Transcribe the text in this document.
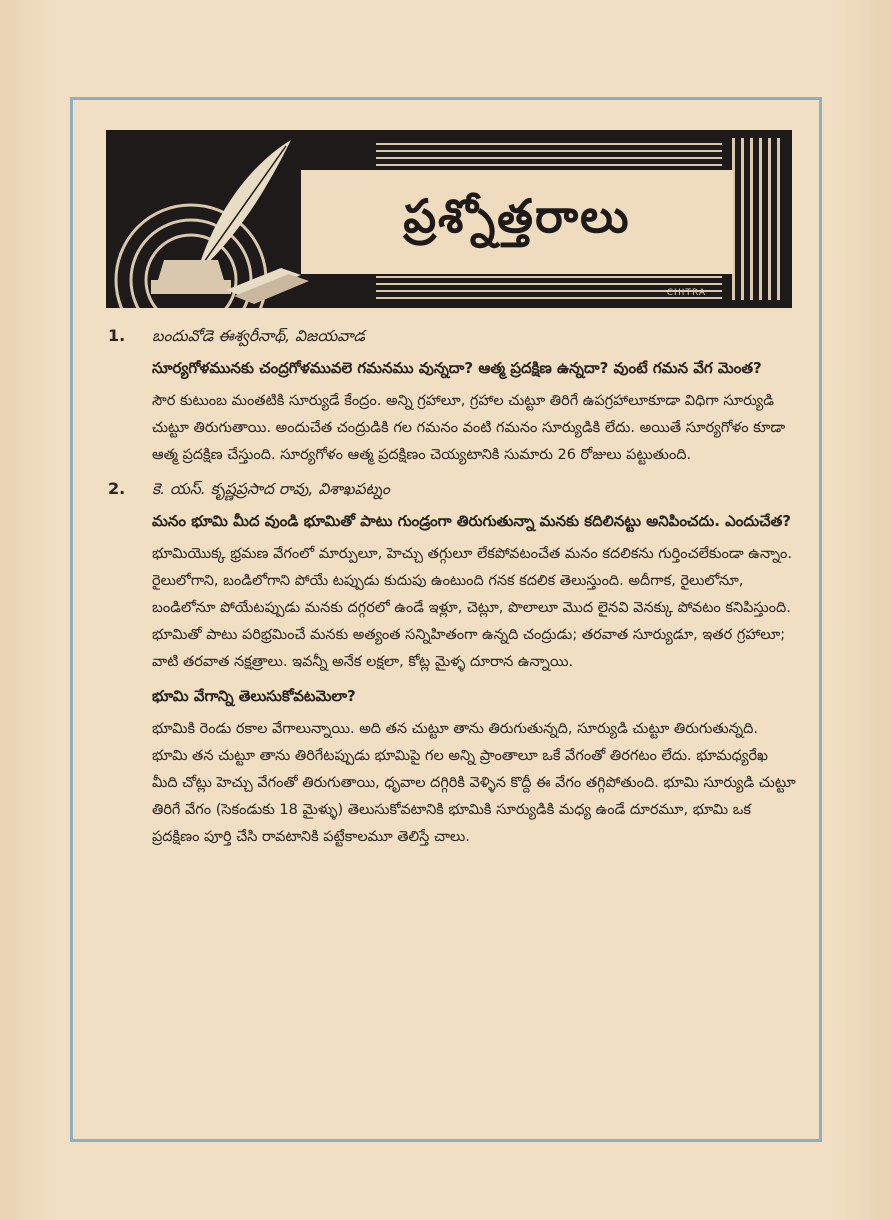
ప్రశ్నోత్తరాలు
CHITRA
1. బందువోడె ఈశ్వరీనాథ్, విజయవాడ

సూర్యగోళమునకు చంద్రగోళమువలె గమనము వున్నదా? ఆత్మ ప్రదక్షిణ ఉన్నదా? వుంటే గమన వేగ మెంత?

సౌర కుటుంబ మంతటికి సూర్యుడే కేంద్రం. అన్ని గ్రహాలూ, గ్రహాల చుట్టూ తిరిగే ఉపగ్రహాలూకూడా విధిగా సూర్యుడి చుట్టూ తిరుగుతాయి. అందుచేత చంద్రుడికి గల గమనం వంటి గమనం సూర్యుడికి లేదు. అయితే సూర్యగోళం కూడా ఆత్మ ప్రదక్షిణ చేస్తుంది. సూర్యగోళం ఆత్మ ప్రదక్షిణం చెయ్యటానికి సుమారు 26 రోజులు పట్టుతుంది.

2. కె. యస్. కృష్ణప్రసాద రావు, విశాఖపట్నం

మనం భూమి మీద వుండి భూమితో పాటు గుండ్రంగా తిరుగుతున్నా మనకు కదిలినట్టు అనిపించదు. ఎందుచేత?

భూమియొక్క భ్రమణ వేగంలో మార్పులూ, హెచ్చు తగ్గులూ లేకపోవటంచేత మనం కదలికను గుర్తించలేకుండా ఉన్నాం. రైలులోగాని, బండిలోగాని పోయే టప్పుడు కుదుపు ఉంటుంది గనక కదలిక తెలుస్తుంది. అదీగాక, రైలులోనూ, బండిలోనూ పోయేటప్పుడు మనకు దగ్గరలో ఉండే ఇళ్లూ, చెట్లూ, పొలాలూ మొద లైనవి వెనక్కు పోవటం కనిపిస్తుంది. భూమితో పాటు పరిభ్రమించే మనకు అత్యంత సన్నిహితంగా ఉన్నది చంద్రుడు; తరవాత సూర్యుడూ, ఇతర గ్రహాలూ; వాటి తరవాత నక్షత్రాలు. ఇవన్నీ అనేక లక్షలా, కోట్ల మైళ్ళ దూరాన ఉన్నాయి.

భూమి వేగాన్ని తెలుసుకోవటమెలా?

భూమికి రెండు రకాల వేగాలున్నాయి. అది తన చుట్టూ తాను తిరుగుతున్నది, సూర్యుడి చుట్టూ తిరుగుతున్నది. భూమి తన చుట్టూ తాను తిరిగేటప్పుడు భూమిపై గల అన్ని ప్రాంతాలూ ఒకే వేగంతో తిరగటం లేదు. భూమధ్యరేఖ మీది చోట్లు హెచ్చు వేగంతో తిరుగుతాయి, ధృవాల దగ్గిరికి వెళ్ళిన కొద్దీ ఈ వేగం తగ్గిపోతుంది. భూమి సూర్యుడి చుట్టూ తిరిగే వేగం (సెకండుకు 18 మైళ్ళు) తెలుసుకోవటానికి భూమికి సూర్యుడికి మధ్య ఉండే దూరమూ, భూమి ఒక ప్రదక్షిణం పూర్తి చేసి రావటానికి పట్టేకాలమూ తెలిస్తే చాలు.
